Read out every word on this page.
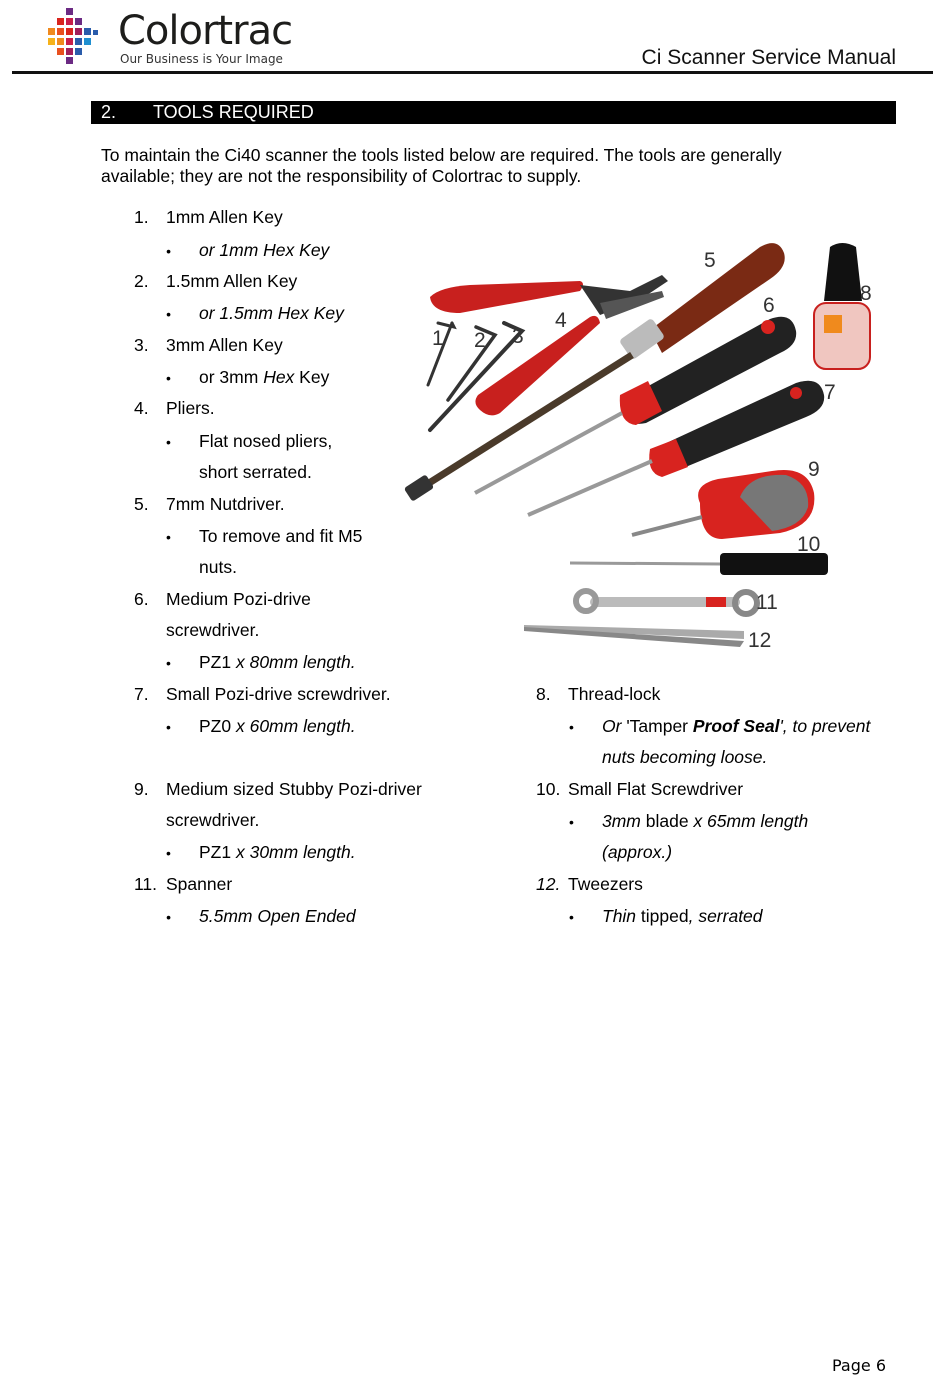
Colortrac
Our Business is Your Image	Ci Scanner Service Manual
2. TOOLS REQUIRED
To maintain the Ci40 scanner the tools listed below are required. The tools are generally
available; they are not the responsibility of Colortrac to supply.
1. 1mm Allen Key
• or 1mm Hex Key
2. 1.5mm Allen Key
• or 1.5mm Hex Key
3. 3mm Allen Key
• or 3mm Hex Key
4. Pliers.
• Flat nosed pliers,
short serrated.
5. 7mm Nutdriver.
• To remove and fit M5
nuts.
6. Medium Pozi-drive
screwdriver.
• PZ1 x 80mm length.
7. Small Pozi-drive screwdriver.
• PZ0 x 60mm length.
9. Medium sized Stubby Pozi-driver
screwdriver.
• PZ1 x 30mm length.
11. Spanner
• 5.5mm Open Ended
8. Thread-lock
• Or 'Tamper Proof Seal', to prevent
nuts becoming loose.
10. Small Flat Screwdriver
• 3mm blade x 65mm length
(approx.)
12. Tweezers
• Thin tipped, serrated
1 2 3
4
5
6
7
8
9
10
11
12
Page 6
